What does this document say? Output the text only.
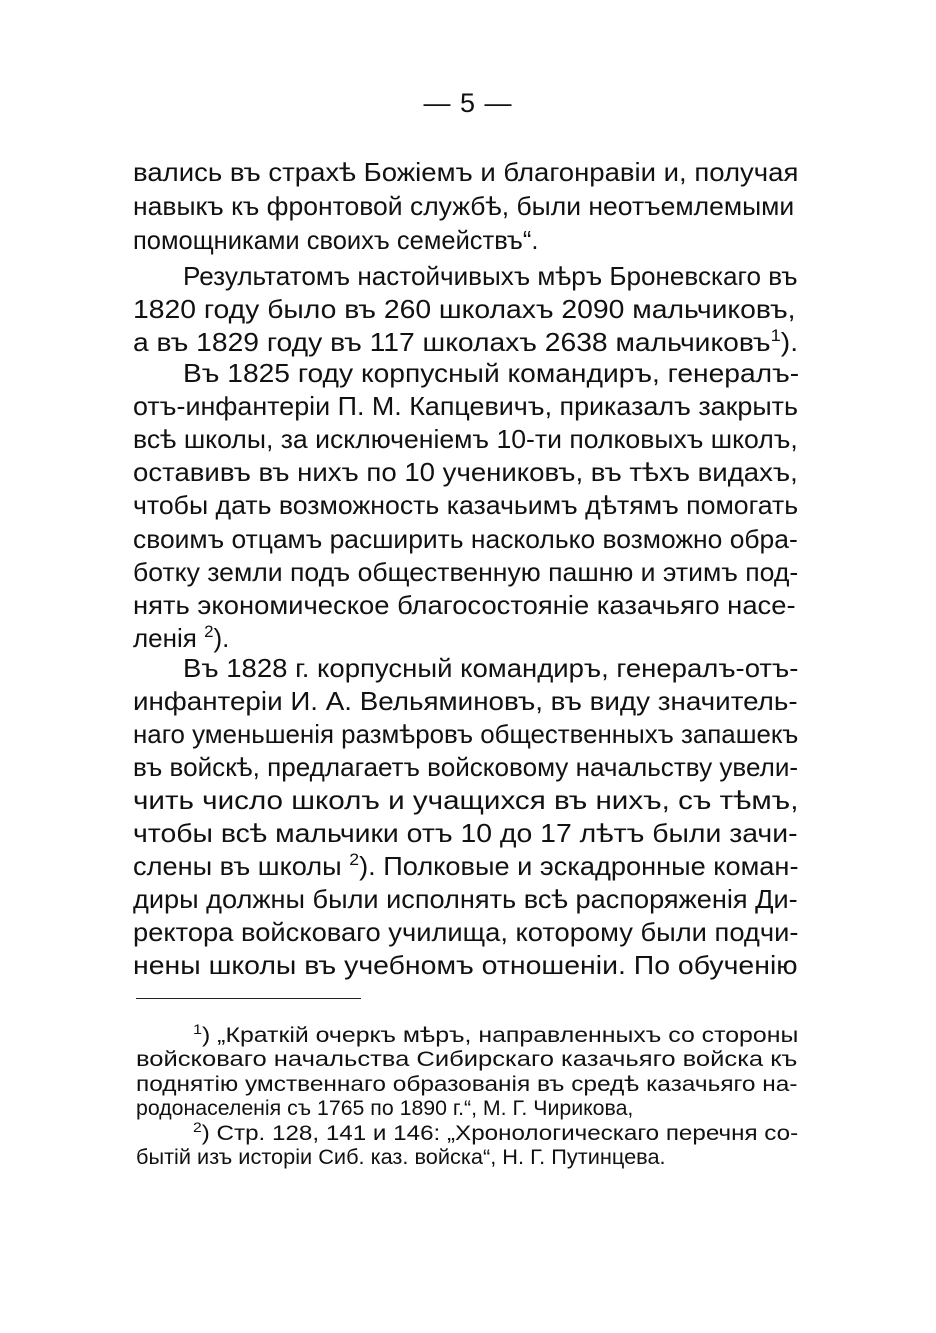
— 5 —
вались въ страхѣ Божіемъ и благонравіи и, получая
навыкъ къ фронтовой службѣ, были неотъемлемыми
помощниками своихъ семействъ“.
Результатомъ настойчивыхъ мѣръ Броневскаго въ
1820 году было въ 260 школахъ 2090 мальчиковъ,
а въ 1829 году въ 117 школахъ 2638 мальчиковъ$^1$).
Въ 1825 году корпусный командиръ, генералъ-
отъ-инфантеріи П. М. Капцевичъ, приказалъ закрыть
всѣ школы, за исключеніемъ 10-ти полковыхъ школъ,
оставивъ въ нихъ по 10 учениковъ, въ тѣхъ видахъ,
чтобы дать возможность казачьимъ дѣтямъ помогать
своимъ отцамъ расширить насколько возможно обра-
ботку земли подъ общественную пашню и этимъ под-
нять экономическое благосостояніе казачьяго насе-
ленія $^2$).
Въ 1828 г. корпусный командиръ, генералъ-отъ-
инфантеріи И. А. Вельяминовъ, въ виду значитель-
наго уменьшенія размѣровъ общественныхъ запашекъ
въ войскѣ, предлагаетъ войсковому начальству увели-
чить число школъ и учащихся въ нихъ, съ тѣмъ,
чтобы всѣ мальчики отъ 10 до 17 лѣтъ были зачи-
слены въ школы $^2$). Полковые и эскадронные коман-
диры должны были исполнять всѣ распоряженія Ди-
ректора войсковаго училища, которому были подчи-
нены школы въ учебномъ отношеніи. По обученію
$^1$) „Краткій очеркъ мѣръ, направленныхъ со стороны
войсковаго начальства Сибирскаго казачьяго войска къ
поднятію умственнаго образованія въ средѣ казачьяго на-
родонаселенія съ 1765 по 1890 г.“, М. Г. Чирикова,
$^2$) Стр. 128, 141 и 146: „Хронологическаго перечня со-
бытій изъ исторіи Сиб. каз. войска“, Н. Г. Путинцева.
